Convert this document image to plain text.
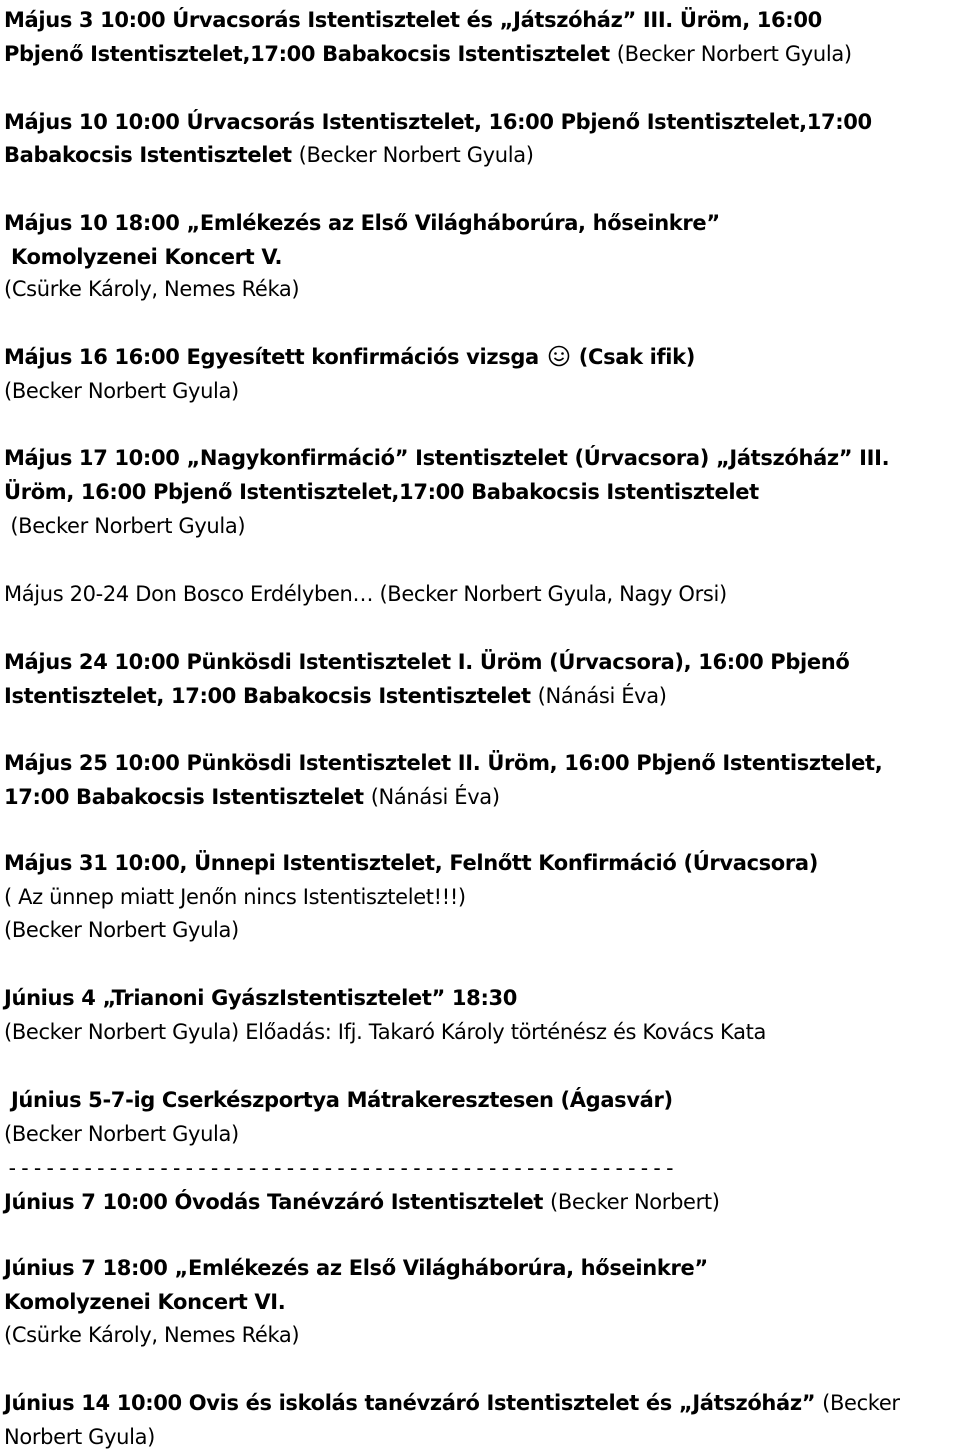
Május 3 10:00 Úrvacsorás Istentisztelet és „Játszóház” III. Üröm, 16:00
Pbjenő Istentisztelet,17:00 Babakocsis Istentisztelet (Becker Norbert Gyula)
Május 10 10:00 Úrvacsorás Istentisztelet, 16:00 Pbjenő Istentisztelet,17:00
Babakocsis Istentisztelet (Becker Norbert Gyula)
Május 10 18:00 „Emlékezés az Első Világháborúra, hőseinkre”
Komolyzenei Koncert V.
(Csürke Károly, Nemes Réka)
Május 16 16:00 Egyesített konfirmációs vizsga  (Csak ifik)
(Becker Norbert Gyula)
Május 17 10:00 „Nagykonfirmáció” Istentisztelet (Úrvacsora) „Játszóház” III.
Üröm, 16:00 Pbjenő Istentisztelet,17:00 Babakocsis Istentisztelet
(Becker Norbert Gyula)
Május 20-24 Don Bosco Erdélyben… (Becker Norbert Gyula, Nagy Orsi)
Május 24 10:00 Pünkösdi Istentisztelet I. Üröm (Úrvacsora), 16:00 Pbjenő
Istentisztelet, 17:00 Babakocsis Istentisztelet (Nánási Éva)
Május 25 10:00 Pünkösdi Istentisztelet II. Üröm, 16:00 Pbjenő Istentisztelet,
17:00 Babakocsis Istentisztelet (Nánási Éva)
Május 31 10:00, Ünnepi Istentisztelet, Felnőtt Konfirmáció (Úrvacsora)
( Az ünnep miatt Jenőn nincs Istentisztelet!!!)
(Becker Norbert Gyula)
Június 4 „Trianoni GyászIstentisztelet” 18:30
(Becker Norbert Gyula) Előadás: Ifj. Takaró Károly történész és Kovács Kata
Június 5-7-ig Cserkészportya Mátrakeresztesen (Ágasvár)
(Becker Norbert Gyula)
-----------------------------------------------------
Június 7 10:00 Óvodás Tanévzáró Istentisztelet (Becker Norbert)
Június 7 18:00 „Emlékezés az Első Világháborúra, hőseinkre”
Komolyzenei Koncert VI.
(Csürke Károly, Nemes Réka)
Június 14 10:00 Ovis és iskolás tanévzáró Istentisztelet és „Játszóház” (Becker
Norbert Gyula)
